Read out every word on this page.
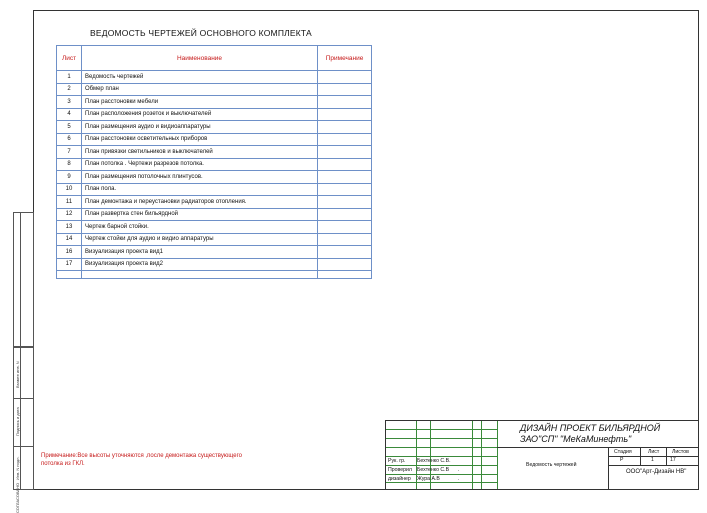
СОГЛАСОВАНО
Взамен инв. N
Подпись и дата
Инв. N подл.
ВЕДОМОСТЬ ЧЕРТЕЖЕЙ ОСНОВНОГО КОМПЛЕКТА
Лист	Наименование	Примечание
1	Ведомость чертежей	
2	Обмер план	
3	План расстоновки мебели	
4	План расположения розеток и выключателей	
5	План размещения аудио и видиоаппаратуры	
6	План расстоновки осветительных приборов	
7	План привязки светильников и выключателей	
8	План потолка . Чертежи разрезов потолка.	
9	План размещения потолочных плинтусов.	
10	План пола.	
11	План демонтажа и переустановки радиаторов отопления.	
12	План развертка стен бильярдной	
13	Чертеж барной стойки.	
14	Чертеж стойки для аудио и видио аппаратуры	
16	Визуализация проекта вид1	
17	Визуализация проекта вид2	

Примечание:Все высоты уточняются ,после демонтажа существующего потолка из ГКЛ.	Рук. гр. Бехтенко С.В.
Проверил Бехтенко С.В .
дизайнер Жура А.В	.
ДИЗАЙН ПРОЕКТ БИЛЬЯРДНОЙ
ЗАО"СП" "МеКаМинефть"
Ведомость чертежей
Стадия	Лист Листов
Р	1	17
ООО"Арт-Дизайн НВ"
